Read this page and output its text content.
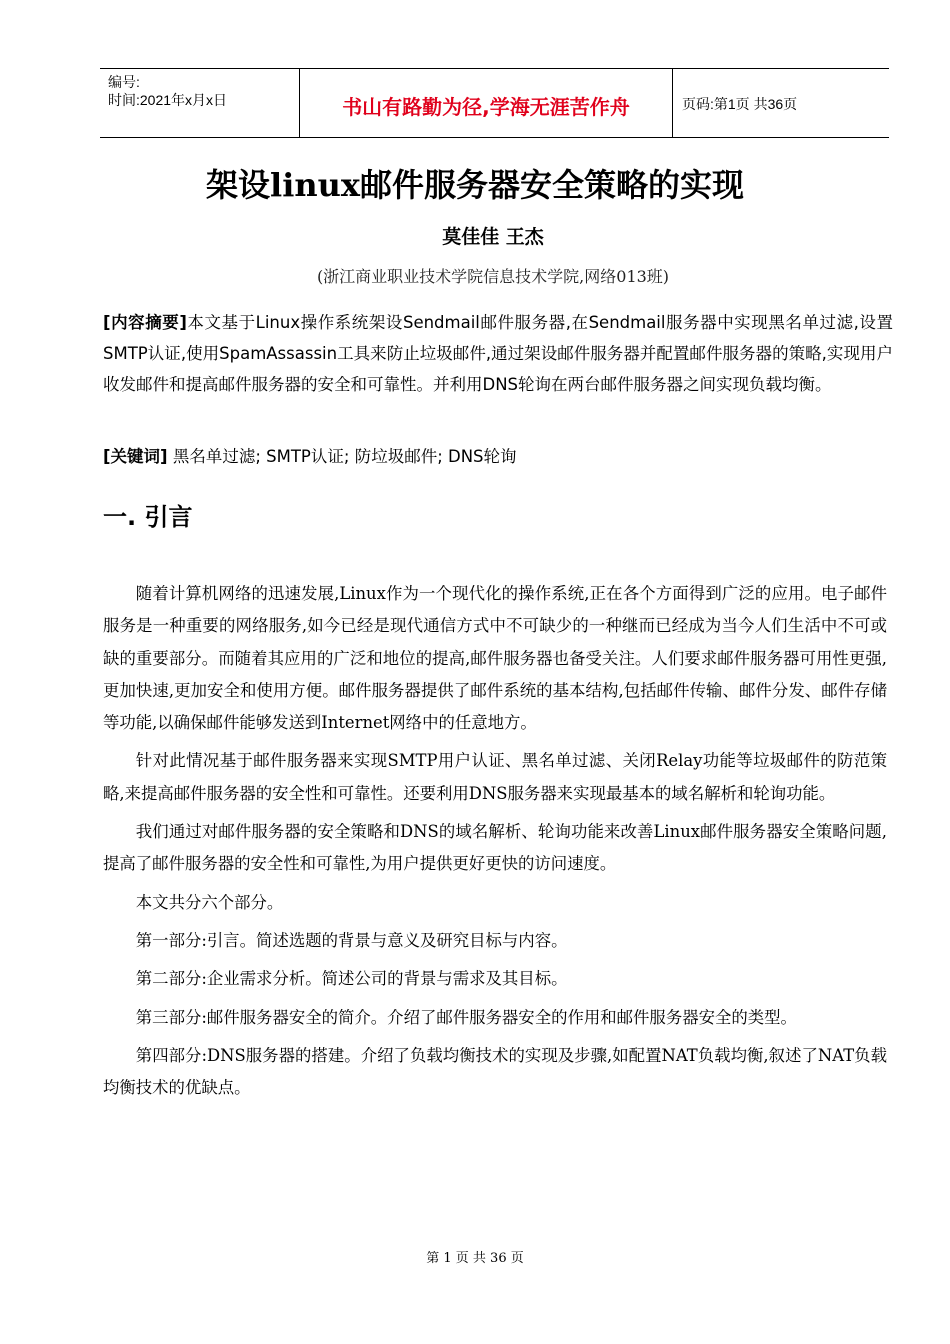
编号:
时间:2021年x月x日	书山有路勤为径,学海无涯苦作舟	页码:第1页 共36页
架设linux邮件服务器安全策略的实现
莫佳佳 王杰
(浙江商业职业技术学院信息技术学院,网络013班)
[内容摘要]本文基于Linux操作系统架设Sendmail邮件服务器,在Sendmail服务器中实现黑名单过滤,设置SMTP认证,使用SpamAssassin工具来防止垃圾邮件,通过架设邮件服务器并配置邮件服务器的策略,实现用户收发邮件和提高邮件服务器的安全和可靠性。并利用DNS轮询在两台邮件服务器之间实现负载均衡。
[关键词] 黑名单过滤; SMTP认证; 防垃圾邮件; DNS轮询
一. 引言

随着计算机网络的迅速发展,Linux作为一个现代化的操作系统,正在各个方面得到广泛的应用。电子邮件服务是一种重要的网络服务,如今已经是现代通信方式中不可缺少的一种继而已经成为当今人们生活中不可或缺的重要部分。而随着其应用的广泛和地位的提高,邮件服务器也备受关注。人们要求邮件服务器可用性更强,更加快速,更加安全和使用方便。邮件服务器提供了邮件系统的基本结构,包括邮件传输、邮件分发、邮件存储等功能,以确保邮件能够发送到Internet网络中的任意地方。

针对此情况基于邮件服务器来实现SMTP用户认证、黑名单过滤、关闭Relay功能等垃圾邮件的防范策略,来提高邮件服务器的安全性和可靠性。还要利用DNS服务器来实现最基本的域名解析和轮询功能。

我们通过对邮件服务器的安全策略和DNS的域名解析、轮询功能来改善Linux邮件服务器安全策略问题,提高了邮件服务器的安全性和可靠性,为用户提供更好更快的访问速度。

本文共分六个部分。

第一部分:引言。简述选题的背景与意义及研究目标与内容。

第二部分:企业需求分析。简述公司的背景与需求及其目标。

第三部分:邮件服务器安全的简介。介绍了邮件服务器安全的作用和邮件服务器安全的类型。

第四部分:DNS服务器的搭建。介绍了负载均衡技术的实现及步骤,如配置NAT负载均衡,叙述了NAT负载均衡技术的优缺点。

第 1 页 共 36 页
